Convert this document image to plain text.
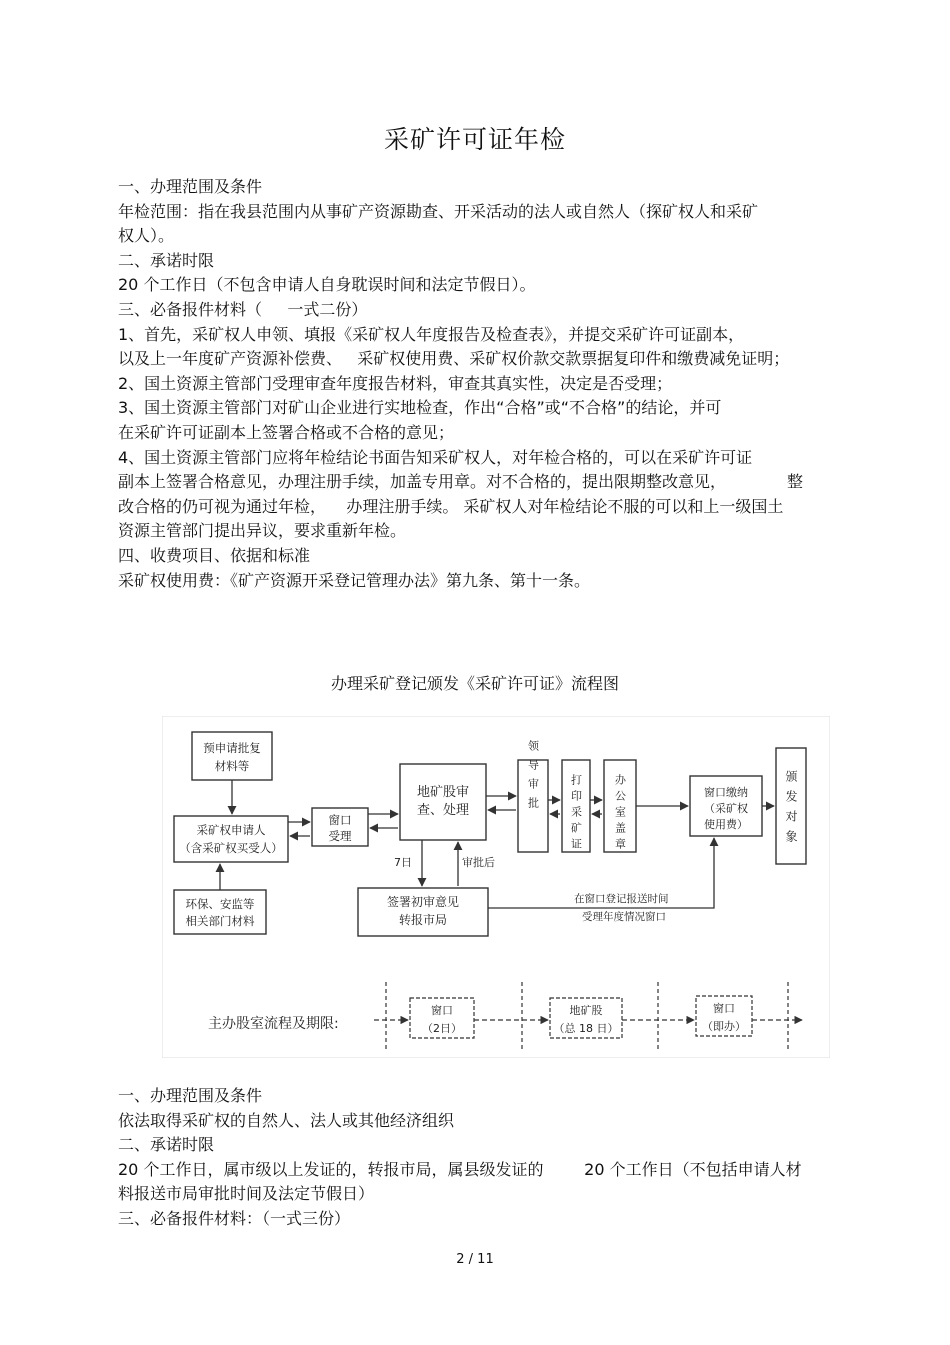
采矿许可证年检

一、办理范围及条件

年检范围：指在我县范围内从事矿产资源勘查、开采活动的法人或自然人（探矿权人和采矿

权人）。

二、承诺时限

20 个工作日（不包含申请人自身耽误时间和法定节假日）。

三、必备报件材料（     一式二份）

1、首先，采矿权人申领、填报《采矿权人年度报告及检查表》，并提交采矿许可证副本，

以及上一年度矿产资源补偿费、   采矿权使用费、采矿权价款交款票据复印件和缴费减免证明；

2、国土资源主管部门受理审查年度报告材料，审查其真实性，决定是否受理；

3、国土资源主管部门对矿山企业进行实地检查，作出“合格”或“不合格”的结论，并可

在采矿许可证副本上签署合格或不合格的意见；

4、国土资源主管部门应将年检结论书面告知采矿权人，对年检合格的，可以在采矿许可证

副本上签署合格意见，办理注册手续，加盖专用章。对不合格的，提出限期整改意见，            整

改合格的仍可视为通过年检，    办理注册手续。 采矿权人对年检结论不服的可以和上一级国土

资源主管部门提出异议，要求重新年检。

四、收费项目、依据和标准

采矿权使用费：《矿产资源开采登记管理办法》第九条、第十一条。

办理采矿登记颁发《采矿许可证》流程图
预申请批复
材料等
采矿权申请人
（含采矿权买受人）
环保、安监等
相关部门材料
窗口
受理
地矿股审
查、处理
签署初审意见
转报市局
窗口缴纳
（采矿权
使用费）
领导审批	打印采矿证	办公室盖章	颁发对象
7日	审批后
在窗口登记报送时间
受理年度情况窗口
主办股室流程及期限:
窗口
（2日）
地矿股
（总 18 日）
窗口
（即办）

一、办理范围及条件

依法取得采矿权的自然人、法人或其他经济组织

二、承诺时限

20 个工作日，属市级以上发证的，转报市局，属县级发证的        20 个工作日（不包括申请人材

料报送市局审批时间及法定节假日）

三、必备报件材料：（一式三份）

2 / 11
